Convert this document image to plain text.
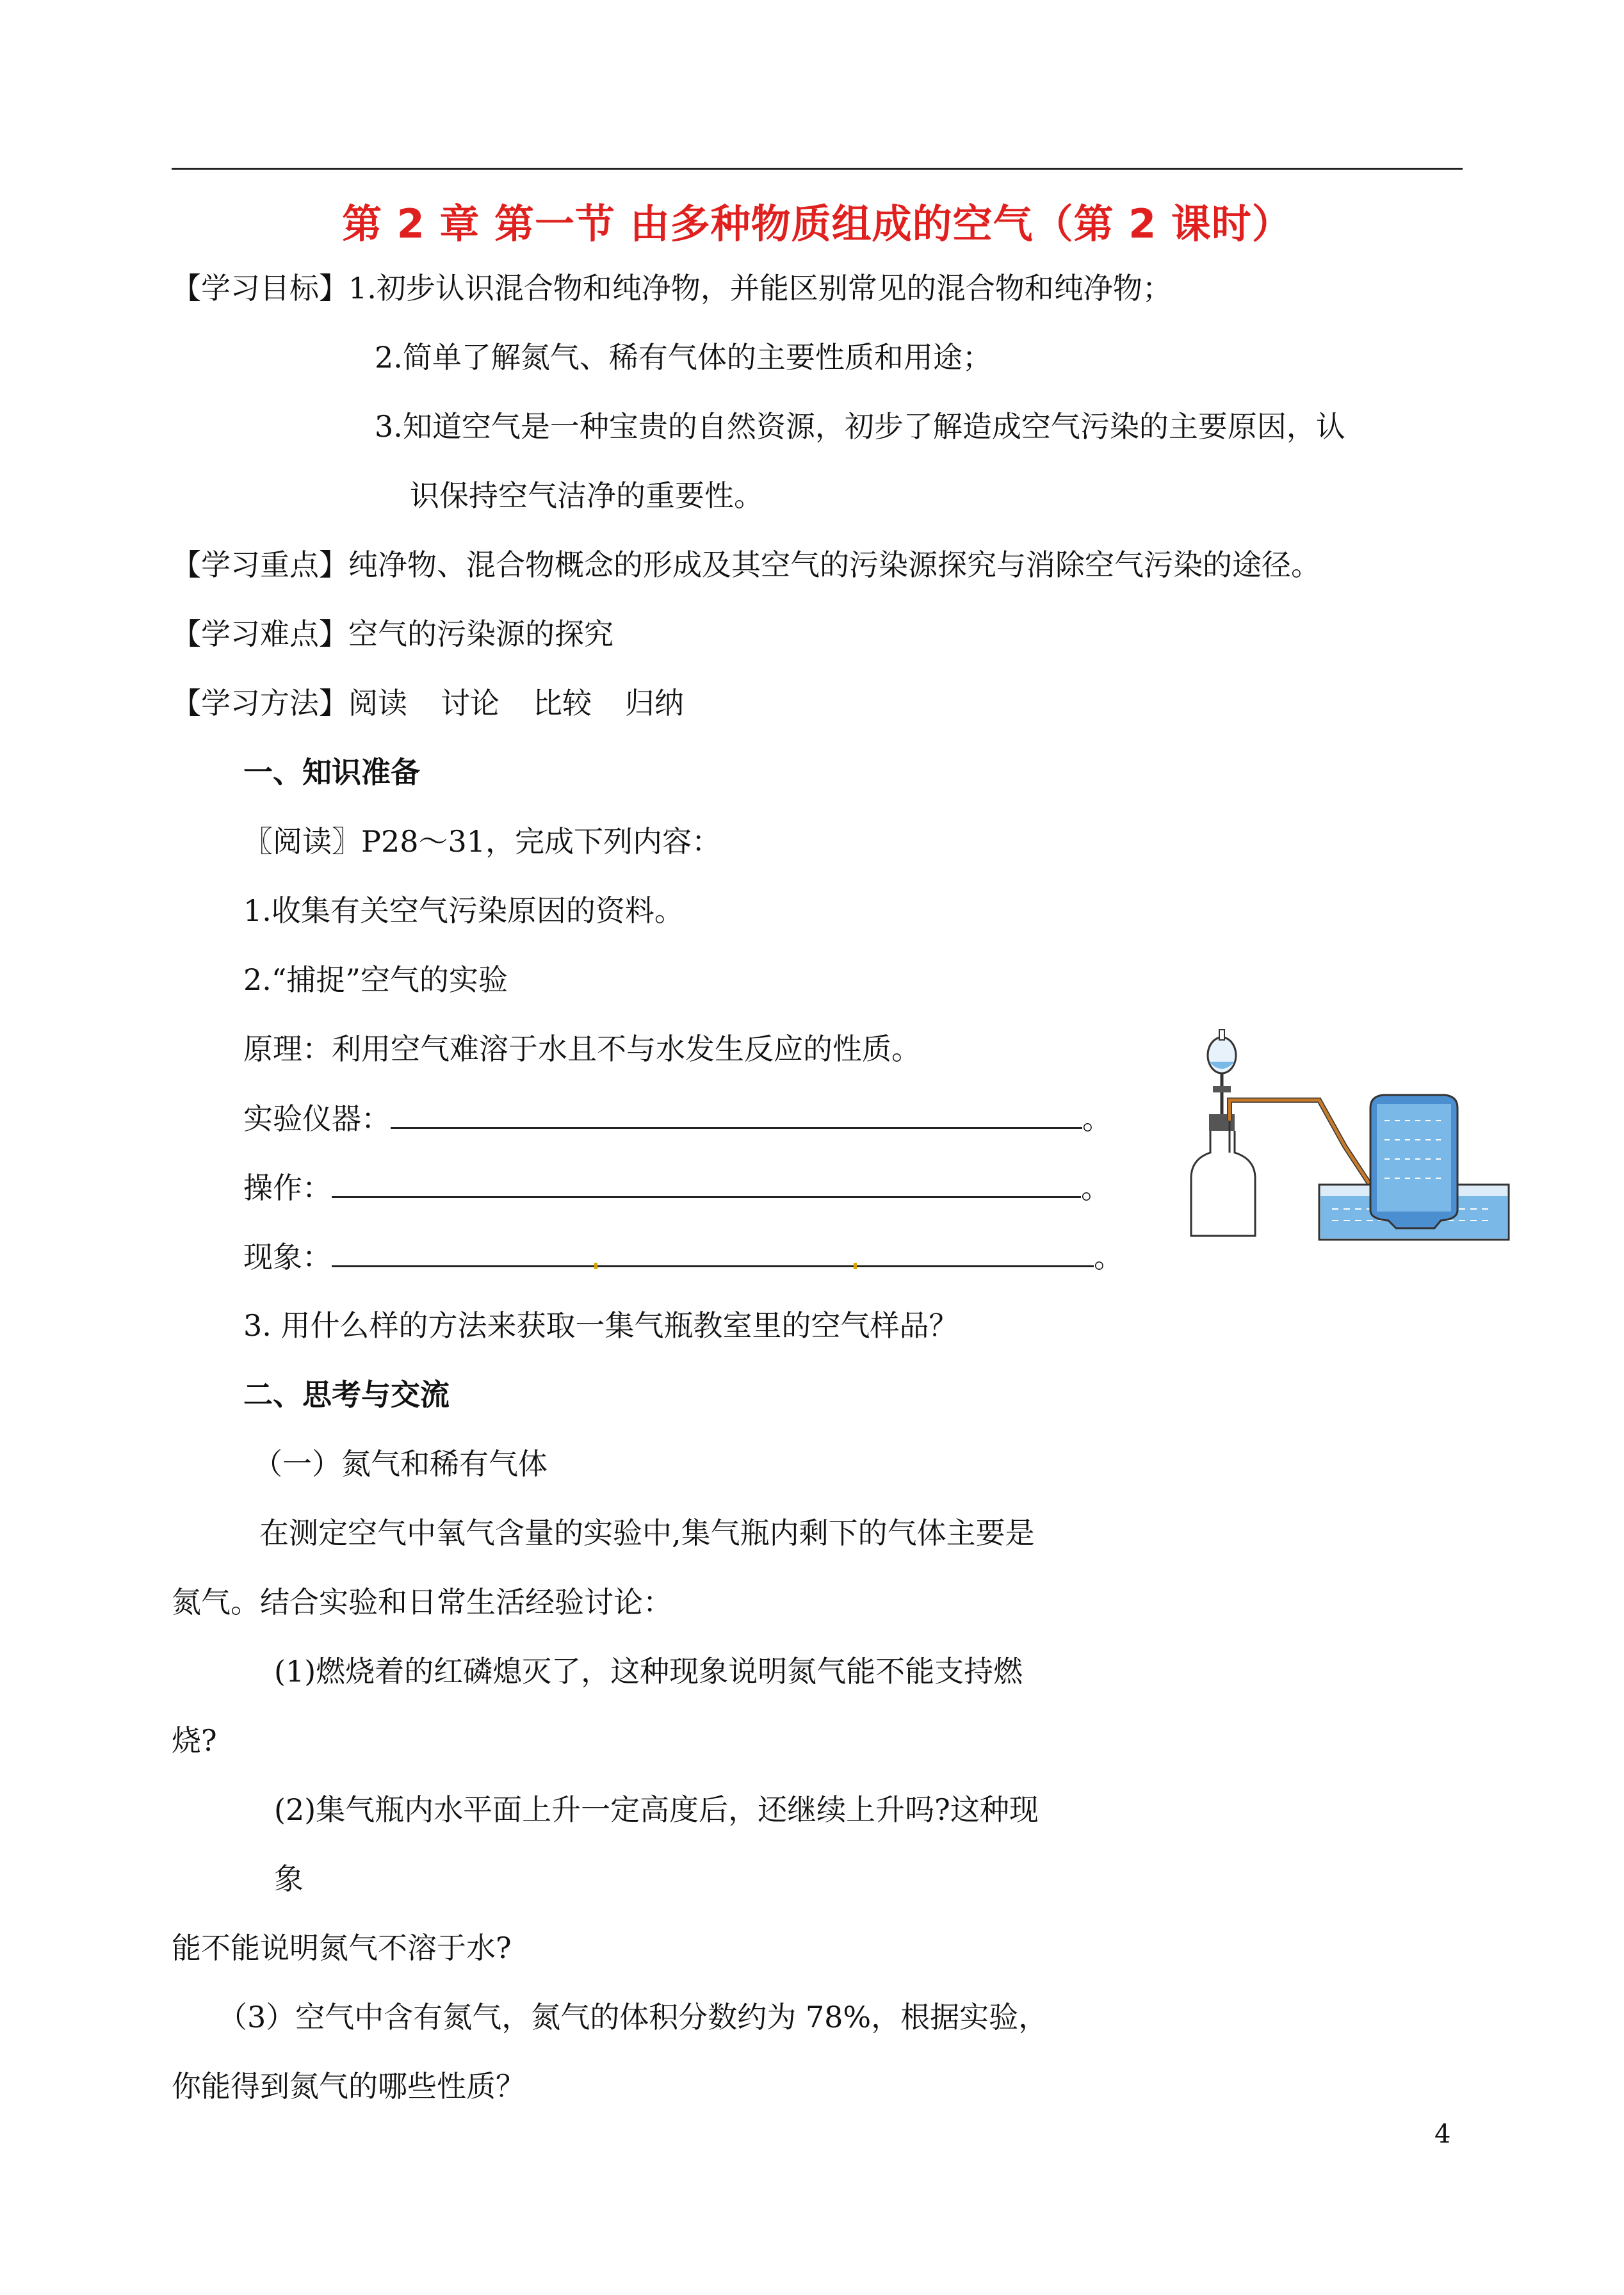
第 2 章 第一节 由多种物质组成的空气（第 2 课时）
【学习目标】1.初步认识混合物和纯净物，并能区别常见的混合物和纯净物；
2.简单了解氮气、稀有气体的主要性质和用途；
3.知道空气是一种宝贵的自然资源，初步了解造成空气污染的主要原因，认
识保持空气洁净的重要性。
【学习重点】纯净物、混合物概念的形成及其空气的污染源探究与消除空气污染的途径。
【学习难点】空气的污染源的探究
【学习方法】阅读 讨论 比较 归纳
一、知识准备
〖阅读〗P28～31，完成下列内容：
1.收集有关空气污染原因的资料。
2.“捕捉”空气的实验
原理：利用空气难溶于水且不与水发生反应的性质。
实验仪器：	。
操作：	。
现象：	。
3. 用什么样的方法来获取一集气瓶教室里的空气样品？
二、思考与交流
（一）氮气和稀有气体
在测定空气中氧气含量的实验中,集气瓶内剩下的气体主要是
氮气。结合实验和日常生活经验讨论：
(1)燃烧着的红磷熄灭了，这种现象说明氮气能不能支持燃
烧?
(2)集气瓶内水平面上升一定高度后，还继续上升吗?这种现
象
能不能说明氮气不溶于水?
（3）空气中含有氮气，氮气的体积分数约为 78%，根据实验，
你能得到氮气的哪些性质？
4
